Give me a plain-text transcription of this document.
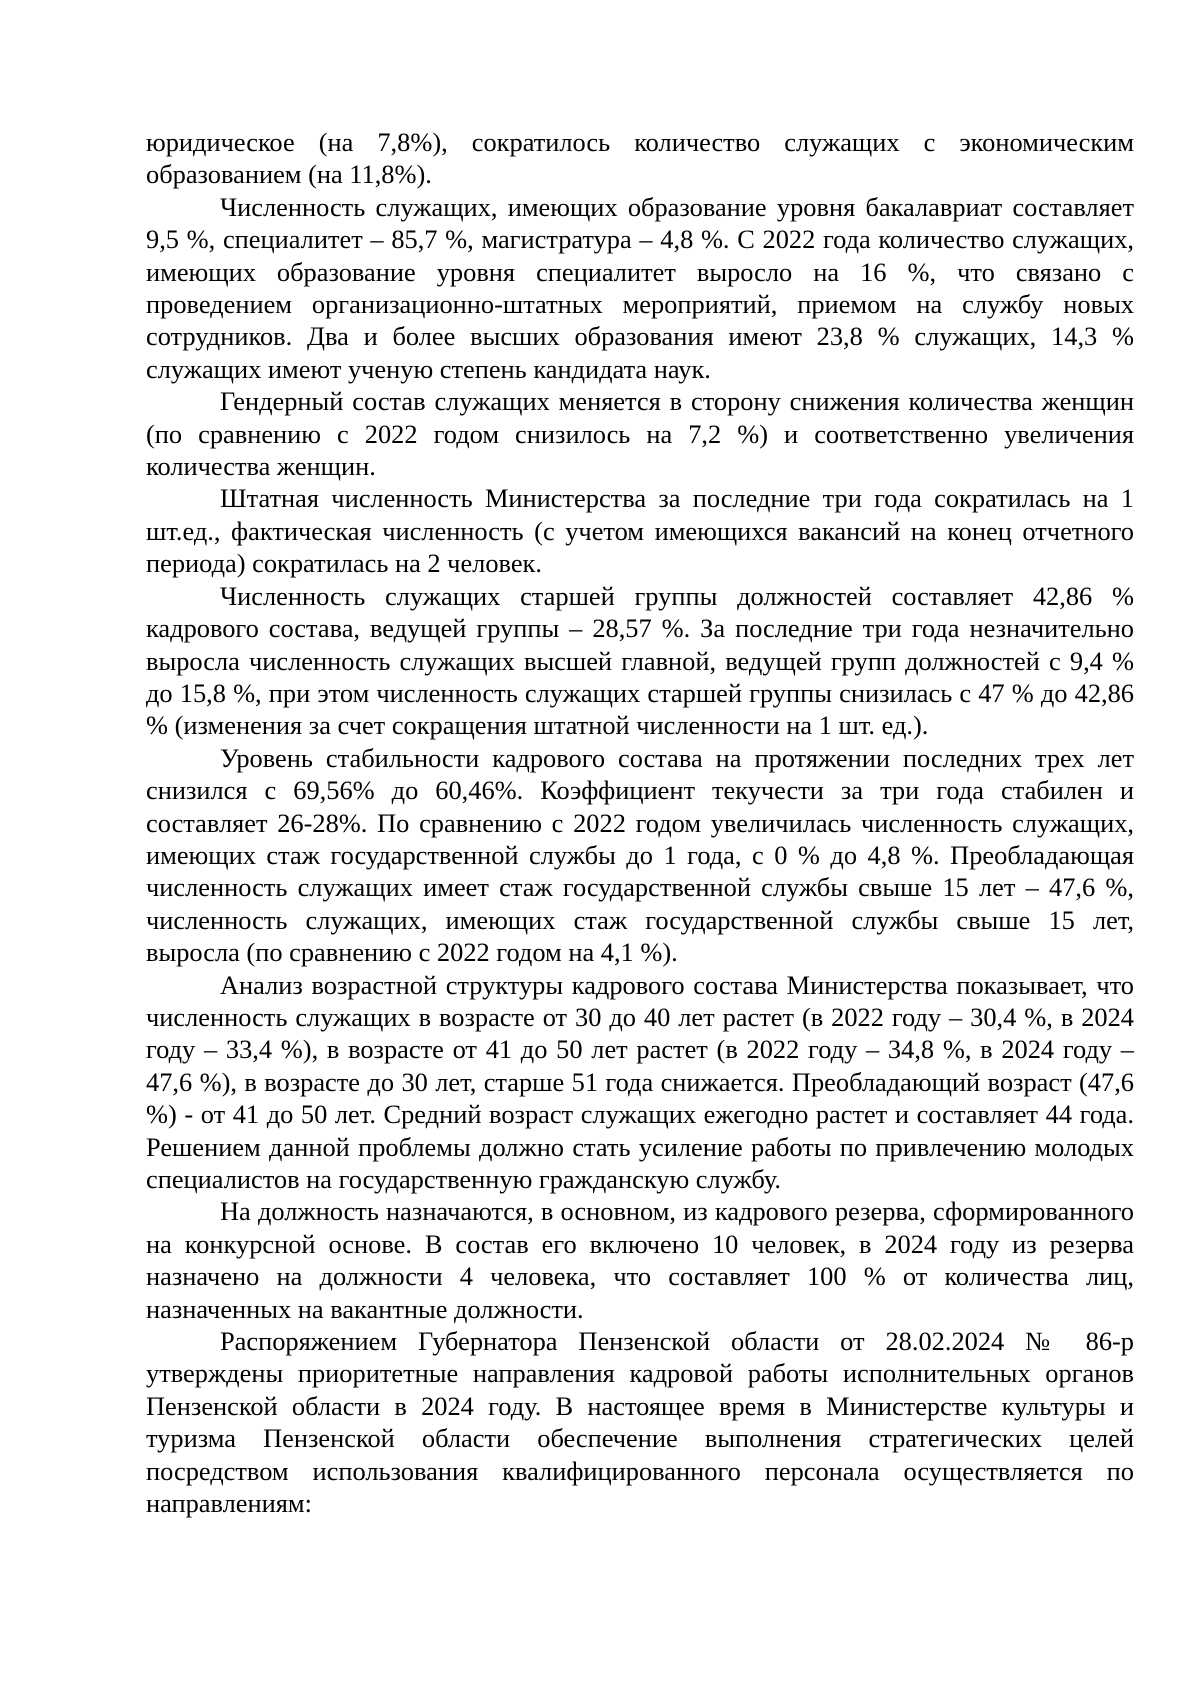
юридическое (на 7,8%), сократилось количество служащих с экономическим образованием (на 11,8%).

Численность служащих, имеющих образование уровня бакалавриат составляет 9,5 %, специалитет – 85,7 %, магистратура – 4,8 %. С 2022 года количество служащих, имеющих образование уровня специалитет выросло на 16 %, что связано с проведением организационно-штатных мероприятий, приемом на службу новых сотрудников. Два и более высших образования имеют 23,8 % служащих, 14,3 % служащих имеют ученую степень кандидата наук.

Гендерный состав служащих меняется в сторону снижения количества женщин (по сравнению с 2022 годом снизилось на 7,2 %) и соответственно увеличения количества женщин.

Штатная численность Министерства за последние три года сократилась на 1 шт.ед., фактическая численность (с учетом имеющихся вакансий на конец отчетного периода) сократилась на 2 человек.

Численность служащих старшей группы должностей составляет 42,86 % кадрового состава, ведущей группы – 28,57 %. За последние три года незначительно выросла численность служащих высшей главной, ведущей групп должностей с 9,4 % до 15,8 %, при этом численность служащих старшей группы снизилась с 47 % до 42,86 % (изменения за счет сокращения штатной численности на 1 шт. ед.).

Уровень стабильности кадрового состава на протяжении последних трех лет снизился с 69,56% до 60,46%. Коэффициент текучести за три года стабилен и составляет 26-28%. По сравнению с 2022 годом увеличилась численность служащих, имеющих стаж государственной службы до 1 года, с 0 % до 4,8 %. Преобладающая численность служащих имеет стаж государственной службы свыше 15 лет – 47,6 %, численность служащих, имеющих стаж государственной службы свыше 15 лет, выросла (по сравнению с 2022 годом на 4,1 %).

Анализ возрастной структуры кадрового состава Министерства показывает, что численность служащих в возрасте от 30 до 40 лет растет (в 2022 году – 30,4 %, в 2024 году – 33,4 %), в возрасте от 41 до 50 лет растет (в 2022 году – 34,8 %, в 2024 году – 47,6 %), в возрасте до 30 лет, старше 51 года снижается. Преобладающий возраст (47,6 %) - от 41 до 50 лет. Средний возраст служащих ежегодно растет и составляет 44 года. Решением данной проблемы должно стать усиление работы по привлечению молодых специалистов на государственную гражданскую службу.

На должность назначаются, в основном, из кадрового резерва, сформированного на конкурсной основе. В состав его включено 10 человек, в 2024 году из резерва назначено на должности 4 человека, что составляет 100 % от количества лиц, назначенных на вакантные должности.

Распоряжением Губернатора Пензенской области от 28.02.2024 № 86-р утверждены приоритетные направления кадровой работы исполнительных органов Пензенской области в 2024 году. В настоящее время в Министерстве культуры и туризма Пензенской области обеспечение выполнения стратегических целей посредством использования квалифицированного персонала осуществляется по направлениям:
